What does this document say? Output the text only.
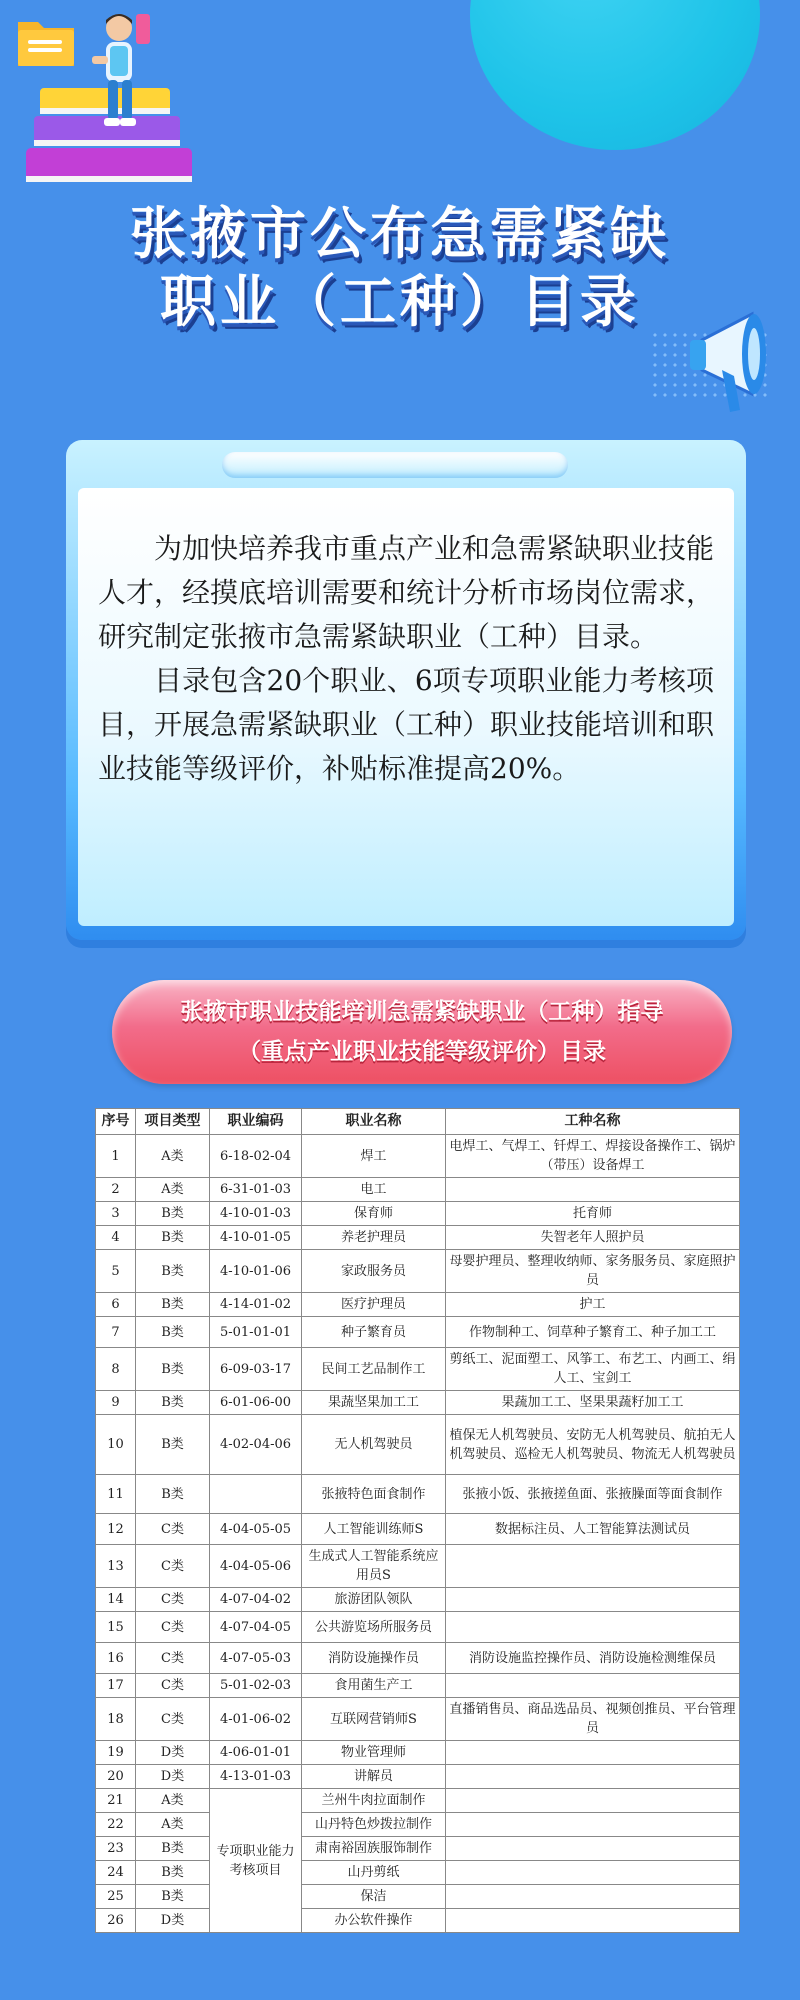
张掖市公布急需紧缺
职业（工种）目录

为加快培养我市重点产业和急需紧缺职业技能人才，经摸底培训需要和统计分析市场岗位需求，研究制定张掖市急需紧缺职业（工种）目录。

目录包含20个职业、6项专项职业能力考核项目，开展急需紧缺职业（工种）职业技能培训和职业技能等级评价，补贴标准提高20%。

张掖市职业技能培训急需紧缺职业（工种）指导
（重点产业职业技能等级评价）目录
序号	项目类型	职业编码	职业名称	工种名称
1	A类	6-18-02-04	焊工	电焊工、气焊工、钎焊工、焊接设备操作工、锅炉（带压）设备焊工
2	A类	6-31-01-03	电工	
3	B类	4-10-01-03	保育师	托育师
4	B类	4-10-01-05	养老护理员	失智老年人照护员
5	B类	4-10-01-06	家政服务员	母婴护理员、整理收纳师、家务服务员、家庭照护员
6	B类	4-14-01-02	医疗护理员	护工
7	B类	5-01-01-01	种子繁育员	作物制种工、饲草种子繁育工、种子加工工
8	B类	6-09-03-17	民间工艺品制作工	剪纸工、泥面塑工、风筝工、布艺工、内画工、绢人工、宝剑工
9	B类	6-01-06-00	果蔬坚果加工工	果蔬加工工、坚果果蔬籽加工工
10	B类	4-02-04-06	无人机驾驶员	植保无人机驾驶员、安防无人机驾驶员、航拍无人机驾驶员、巡检无人机驾驶员、物流无人机驾驶员
11	B类		张掖特色面食制作	张掖小饭、张掖搓鱼面、张掖臊面等面食制作
12	C类	4-04-05-05	人工智能训练师S	数据标注员、人工智能算法测试员
13	C类	4-04-05-06	生成式人工智能系统应用员S	
14	C类	4-07-04-02	旅游团队领队	
15	C类	4-07-04-05	公共游览场所服务员	
16	C类	4-07-05-03	消防设施操作员	消防设施监控操作员、消防设施检测维保员
17	C类	5-01-02-03	食用菌生产工	
18	C类	4-01-06-02	互联网营销师S	直播销售员、商品选品员、视频创推员、平台管理员
19	D类	4-06-01-01	物业管理师	
20	D类	4-13-01-03	讲解员	
21	A类	专项职业能力考核项目	兰州牛肉拉面制作	
22	A类		山丹特色炒拨拉制作	
23	B类		肃南裕固族服饰制作	
24	B类		山丹剪纸	
25	B类		保洁	
26	D类		办公软件操作	
